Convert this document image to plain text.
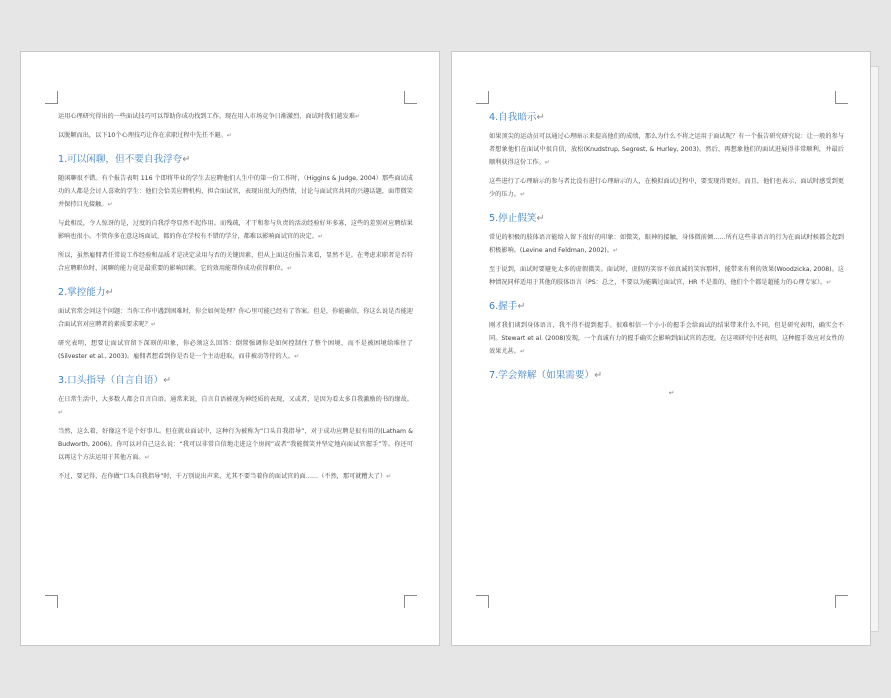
运用心理研究得出的一些面试技巧可以帮助你成功找到工作。现在用人市场竞争日渐激烈，面试时我们越发难↵

以脱颖而出，以下10个心理技巧让你在求职过程中先任不避。↵

1.可以闲聊，但不要自我浮夸↵

随闲聊很不错。有个报告表明 116 个即将毕业的学生去应聘他们人生中的第一份工作时，（Higgins & Judge, 2004）那些面试成功的人都是会讨人喜欢的学生：他们会恰美应聘机构，担合面试官，表现出很大的热情，讨论与面试官共同的兴趣话题，面带微笑并保持目光接触。↵

与此相反，令人惊讶的是，过度的自我浮夸显然不起作用。而残疏，才干和参与负责的活动经验好坏多寡，这些的差别对应聘结果影响也很小。不管你多在意这场面试，都的你在学校有不错的学分，都难以影响面试官的决定。↵

所以，虽然雇佣者任常说工作经验和品质才是决定录用与否的关键因素，但从上面这份报告来看，显然不是。在考虑求职者是否符合应聘职位时，闲聊的能力竟是最重要的影响因素。它的效用能帮你成功获得职位。↵

2.掌控能力↵

面试官常会问这个问题：当你工作中遇到困难时，你会如何处理？你心里可能已经有了答案。但是，你能确信，你这么说是否能迎合面试官对应聘者的素质要求呢？↵

研究表明，想要让面试官留下深刻的印象，你必须这么回答：倒置强调你是如何控制住了整个困境，而不是被困境给堆住了(Silvester et al., 2003)。雇佣者想看到你是否是一个主动进取，而非被动等待的人。↵

3.口头指导（自言自语）↵

在日常生活中，大多数人都会自言自语。通常来说，自言自语被视为神经质的表现，又或者，是因为看太多自我激励的书的缘故。↵

当然，这么着，好像这不是个好事儿。但在就业面试中，这种行为被称为“口头自我指导”，对于成功应聘是很有用的(Latham & Budworth, 2006)。你可以对自己这么说：“我可以非常自信地走进这个房间”或者“我能微笑并坚定地向面试官握手”等。你还可以再这个方法运用于其他方面。↵

不过，要记得，在你做“口头自我指导”时，千万别说出声来，尤其不要当着你的面试官的面……（不然，那可就糟大了）↵

4.自我暗示↵

如果顶尖的运动员可以通过心理暗示来提高他们的成绩，那么为什么不将之运用于面试呢？有一个报告研究研究说：让一般的参与者想象他们在面试中很自信，放松(Knudstrup, Segrest, & Hurley, 2003)。然后，再想象他们的面试进展得非常顺利，并最后顺利获得这份工作。↵

这些进行了心理暗示的参与者比没有进行心理暗示的人，在模拟面试过程中，要变现得更好。而且，他们也表示，面试时感受到更少的压力。↵

5.停止假笑↵

常见的积极的肢体语言能给人留下很好的印象：如微笑，眼神的接触，身体微前倾……所有这些非语言的行为在面试时候都会起到积极影响。(Levine and Feldman, 2002)。↵

至于说到，面试时要避免太多的虚假微笑。面试时，虚假的笑容不如真诚的笑容那样，能带来有利的效果(Woodzicka, 2008)。这种情况同样适用于其他的肢体语言（PS：总之，不要以为能瞒过面试官，HR 不是盖的，他们个个都是超能力的心理专家）。↵

6.握手↵

刚才我们谈到身体语言，我不得不提到握手。很难相信一个小小的握手会给面试的结果带来什么不同，但是研究表明，确实会不同。Stewart et al. (2008)发现，一个真诚有力的握手确实会影响到面试官的态度。在这项研究中还表明，这种握手效应对女性的效果尤甚。↵

7.学会辩解（如果需要）↵
↵
